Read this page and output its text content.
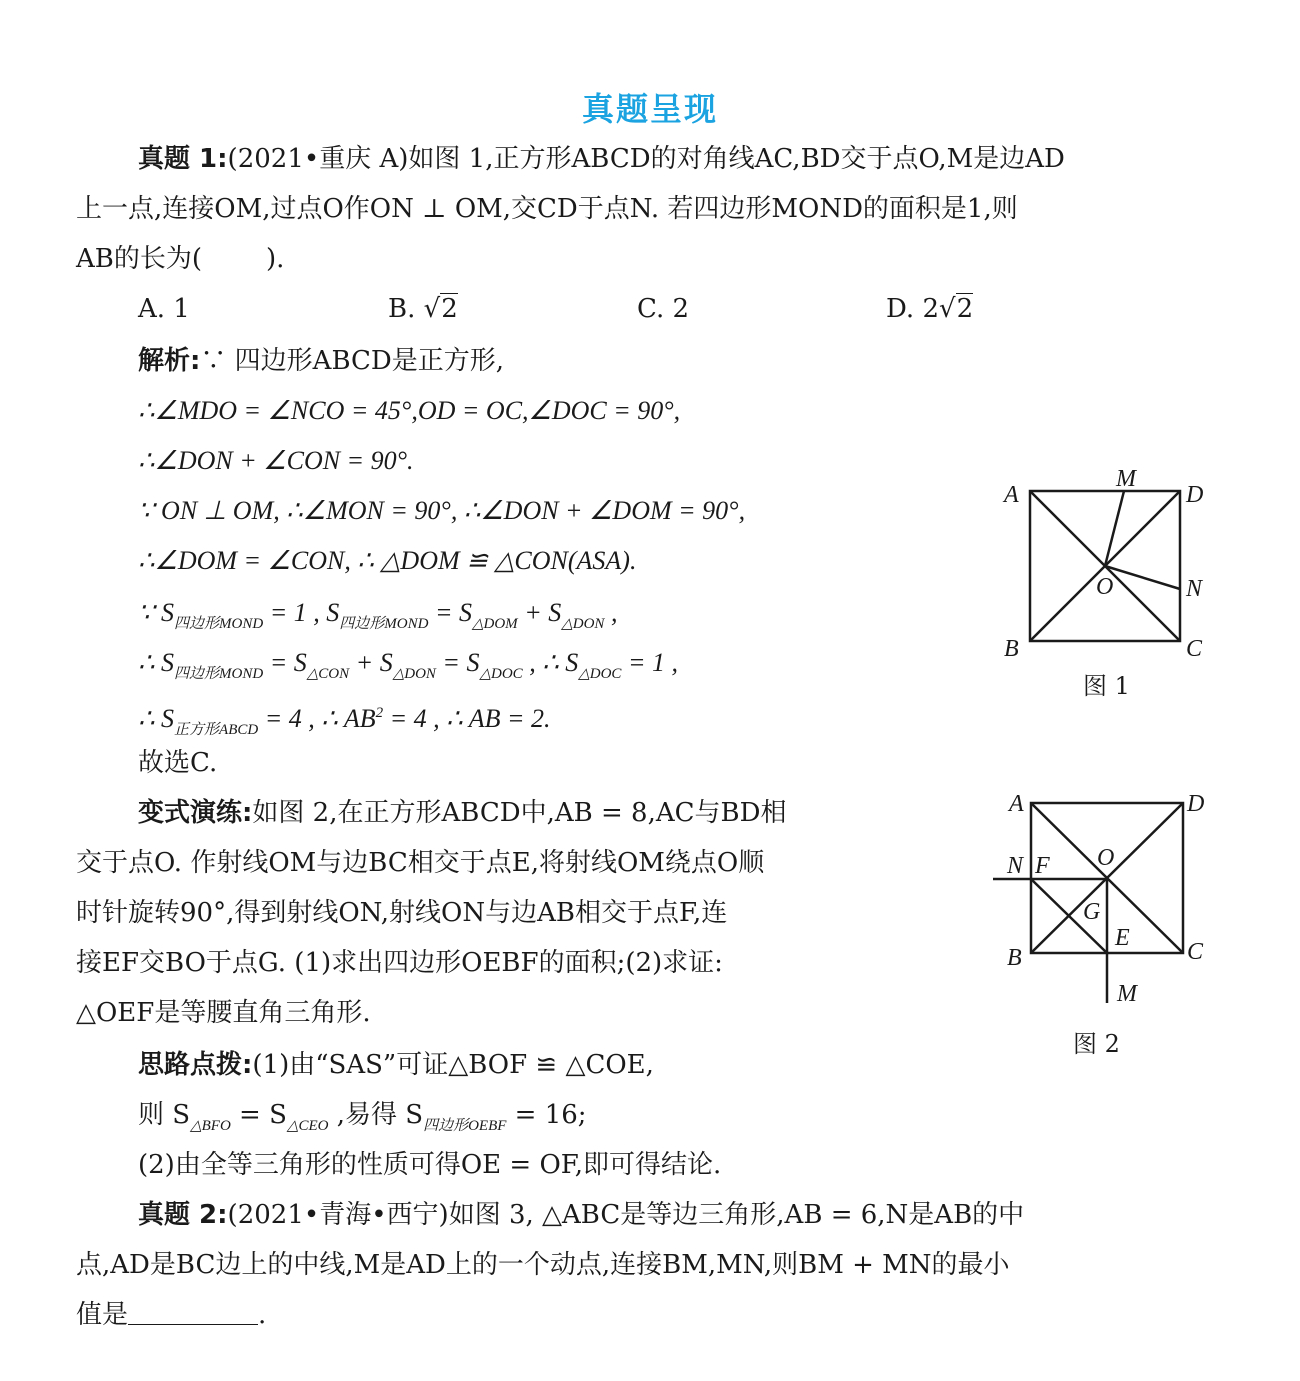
真题呈现
真题 1:(2021•重庆 A)如图 1,正方形ABCD的对角线AC,BD交于点O,M是边AD
上一点,连接OM,过点O作ON ⊥ OM,交CD于点N. 若四边形MOND的面积是1,则
AB的长为( ).
A. 1	B. √2	C. 2	D. 2√2
解析:∵ 四边形ABCD是正方形,
∴∠MDO = ∠NCO = 45°,OD = OC,∠DOC = 90°,
∴∠DON + ∠CON = 90°.
∵ ON ⊥ OM, ∴∠MON = 90°, ∴∠DON + ∠DOM = 90°,
∴∠DOM = ∠CON, ∴ △DOM ≌ △CON(ASA).
∵ $S_{四边形MOND} = 1$ , $S_{四边形MOND} = S_{\triangle DOM} + S_{\triangle DON}$ ,
∴ $S_{四边形MOND} = S_{\triangle CON} + S_{\triangle DON} = S_{\triangle DOC}$ , ∴ $S_{\triangle DOC} = 1$ ,
∴ $S_{正方形ABCD} = 4$ , ∴ $AB^2 = 4$ , ∴ AB = 2.
故选C.
A	D
B	C
M
O	N
图 1
变式演练:如图 2,在正方形ABCD中,AB = 8,AC与BD相
交于点O. 作射线OM与边BC相交于点E,将射线OM绕点O顺
时针旋转90°,得到射线ON,射线ON与边AB相交于点F,连
接EF交BO于点G. (1)求出四边形OEBF的面积;(2)求证:
△OEF是等腰直角三角形.
A	D
B	C
O
N F
G
E
M
图 2
思路点拨:(1)由“SAS”可证△BOF ≌ △COE,
则 $S_{\triangle BFO} = S_{\triangle CEO}$ ,易得 $S_{四边形OEBF} = 16$;
(2)由全等三角形的性质可得OE = OF,即可得结论.
真题 2:(2021•青海•西宁)如图 3, △ABC是等边三角形,AB = 6,N是AB的中
点,AD是BC边上的中线,M是AD上的一个动点,连接BM,MN,则BM + MN的最小
值是	.
